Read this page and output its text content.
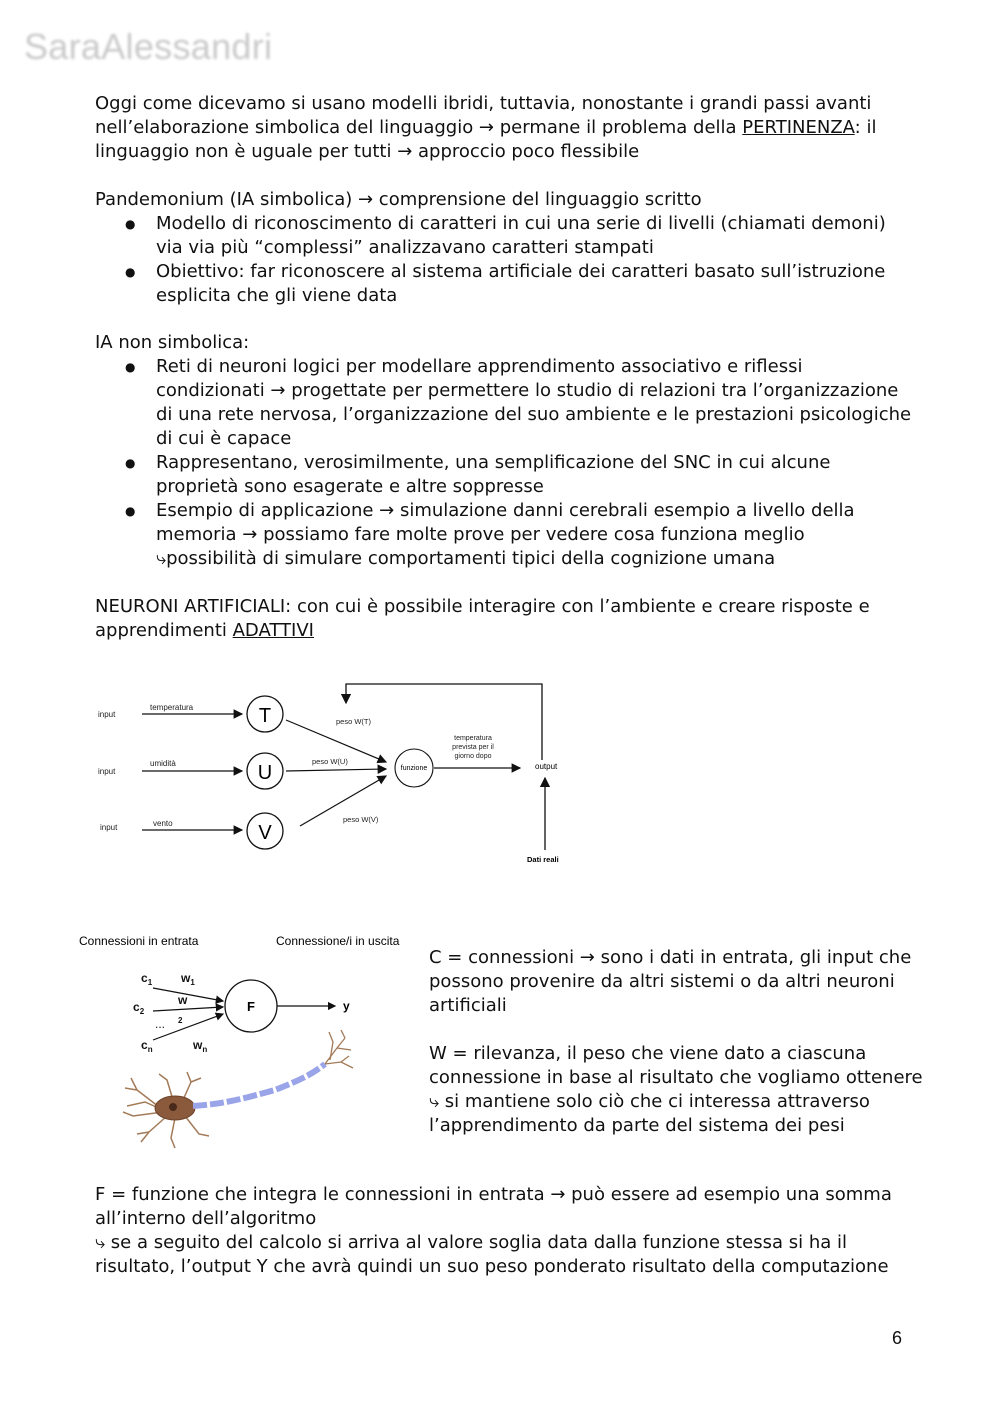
SaraAlessandri
Oggi come dicevamo si usano modelli ibridi, tuttavia, nonostante i grandi passi avanti nell’elaborazione simbolica del linguaggio → permane il problema della PERTINENZA: il linguaggio non è uguale per tutti → approccio poco flessibile
Pandemonium (IA simbolica) → comprensione del linguaggio scritto
● Modello di riconoscimento di caratteri in cui una serie di livelli (chiamati demoni) via via più “complessi” analizzavano caratteri stampati
● Obiettivo: far riconoscere al sistema artificiale dei caratteri basato sull’istruzione esplicita che gli viene data
IA non simbolica:
● Reti di neuroni logici per modellare apprendimento associativo e riflessi condizionati → progettate per permettere lo studio di relazioni tra l’organizzazione di una rete nervosa, l’organizzazione del suo ambiente e le prestazioni psicologiche di cui è capace
● Rappresentano, verosimilmente, una semplificazione del SNC in cui alcune proprietà sono esagerate e altre soppresse
● Esempio di applicazione → simulazione danni cerebrali esempio a livello della memoria → possiamo fare molte prove per vedere cosa funziona meglio
⤷possibilità di simulare comportamenti tipici della cognizione umana
NEURONI ARTIFICIALI: con cui è possibile interagire con l’ambiente e creare risposte e apprendimenti ADATTIVI
input
input
input
temperatura
umidità
vento
T
U
V
peso W(T)
peso W(U)
peso W(V)
funzione
temperatura
prevista per il
giorno dopo
output
Dati reali
Connessioni in entrata	Connessione/i in uscita
$c_1$
$c_2$
$c_n$
$w_1$
w
2
$w_n$
...
F	y
C = connessioni → sono i dati in entrata, gli input che possono provenire da altri sistemi o da altri neuroni artificiali
W = rilevanza, il peso che viene dato a ciascuna connessione in base al risultato che vogliamo ottenere
⤷ si mantiene solo ciò che ci interessa attraverso l’apprendimento da parte del sistema dei pesi
F = funzione che integra le connessioni in entrata → può essere ad esempio una somma all’interno dell’algoritmo
⤷ se a seguito del calcolo si arriva al valore soglia data dalla funzione stessa si ha il risultato, l’output Y che avrà quindi un suo peso ponderato risultato della computazione
6
